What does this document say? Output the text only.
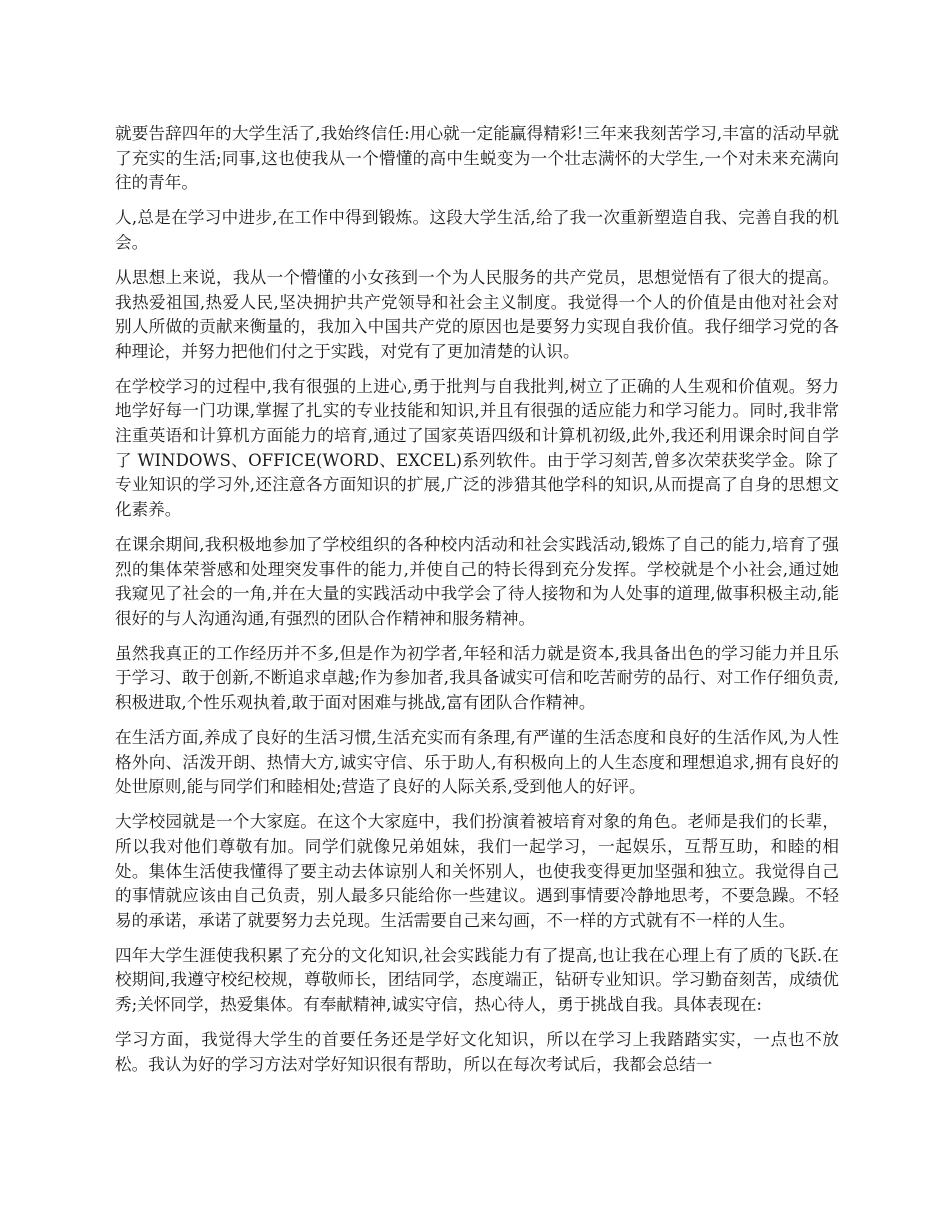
就要告辞四年的大学生活了,我始终信任:用心就一定能赢得精彩!三年来我刻苦学习,丰富的活动早就了充实的生活;同事,这也使我从一个懵懂的高中生蜕变为一个壮志满怀的大学生,一个对未来充满向往的青年。

人,总是在学习中进步,在工作中得到锻炼。这段大学生活,给了我一次重新塑造自我、完善自我的机会。

从思想上来说，我从一个懵懂的小女孩到一个为人民服务的共产党员，思想觉悟有了很大的提高。我热爱祖国,热爱人民,坚决拥护共产党领导和社会主义制度。我觉得一个人的价值是由他对社会对别人所做的贡献来衡量的，我加入中国共产党的原因也是要努力实现自我价值。我仔细学习党的各种理论，并努力把他们付之于实践，对党有了更加清楚的认识。

在学校学习的过程中,我有很强的上进心,勇于批判与自我批判,树立了正确的人生观和价值观。努力地学好每一门功课,掌握了扎实的专业技能和知识,并且有很强的适应能力和学习能力。同时,我非常注重英语和计算机方面能力的培育,通过了国家英语四级和计算机初级,此外,我还利用课余时间自学了 WINDOWS、OFFICE(WORD、EXCEL)系列软件。由于学习刻苦,曾多次荣获奖学金。除了专业知识的学习外,还注意各方面知识的扩展,广泛的涉猎其他学科的知识,从而提高了自身的思想文化素养。

在课余期间,我积极地参加了学校组织的各种校内活动和社会实践活动,锻炼了自己的能力,培育了强烈的集体荣誉感和处理突发事件的能力,并使自己的特长得到充分发挥。学校就是个小社会,通过她我窥见了社会的一角,并在大量的实践活动中我学会了待人接物和为人处事的道理,做事积极主动,能很好的与人沟通沟通,有强烈的团队合作精神和服务精神。

虽然我真正的工作经历并不多,但是作为初学者,年轻和活力就是资本,我具备出色的学习能力并且乐于学习、敢于创新,不断追求卓越;作为参加者,我具备诚实可信和吃苦耐劳的品行、对工作仔细负责,积极进取,个性乐观执着,敢于面对困难与挑战,富有团队合作精神。

在生活方面,养成了良好的生活习惯,生活充实而有条理,有严谨的生活态度和良好的生活作风,为人性格外向、活泼开朗、热情大方,诚实守信、乐于助人,有积极向上的人生态度和理想追求,拥有良好的处世原则,能与同学们和睦相处;营造了良好的人际关系,受到他人的好评。

大学校园就是一个大家庭。在这个大家庭中，我们扮演着被培育对象的角色。老师是我们的长辈，所以我对他们尊敬有加。同学们就像兄弟姐妹，我们一起学习，一起娱乐，互帮互助，和睦的相处。集体生活使我懂得了要主动去体谅别人和关怀别人，也使我变得更加坚强和独立。我觉得自己的事情就应该由自己负责，别人最多只能给你一些建议。遇到事情要冷静地思考，不要急躁。不轻易的承诺，承诺了就要努力去兑现。生活需要自己来勾画，不一样的方式就有不一样的人生。

四年大学生涯使我积累了充分的文化知识,社会实践能力有了提高,也让我在心理上有了质的飞跃.在校期间,我遵守校纪校规，尊敬师长，团结同学，态度端正，钻研专业知识。学习勤奋刻苦，成绩优秀;关怀同学，热爱集体。有奉献精神,诚实守信，热心待人，勇于挑战自我。具体表现在:

学习方面，我觉得大学生的首要任务还是学好文化知识，所以在学习上我踏踏实实，一点也不放松。我认为好的学习方法对学好知识很有帮助，所以在每次考试后，我都会总结一
